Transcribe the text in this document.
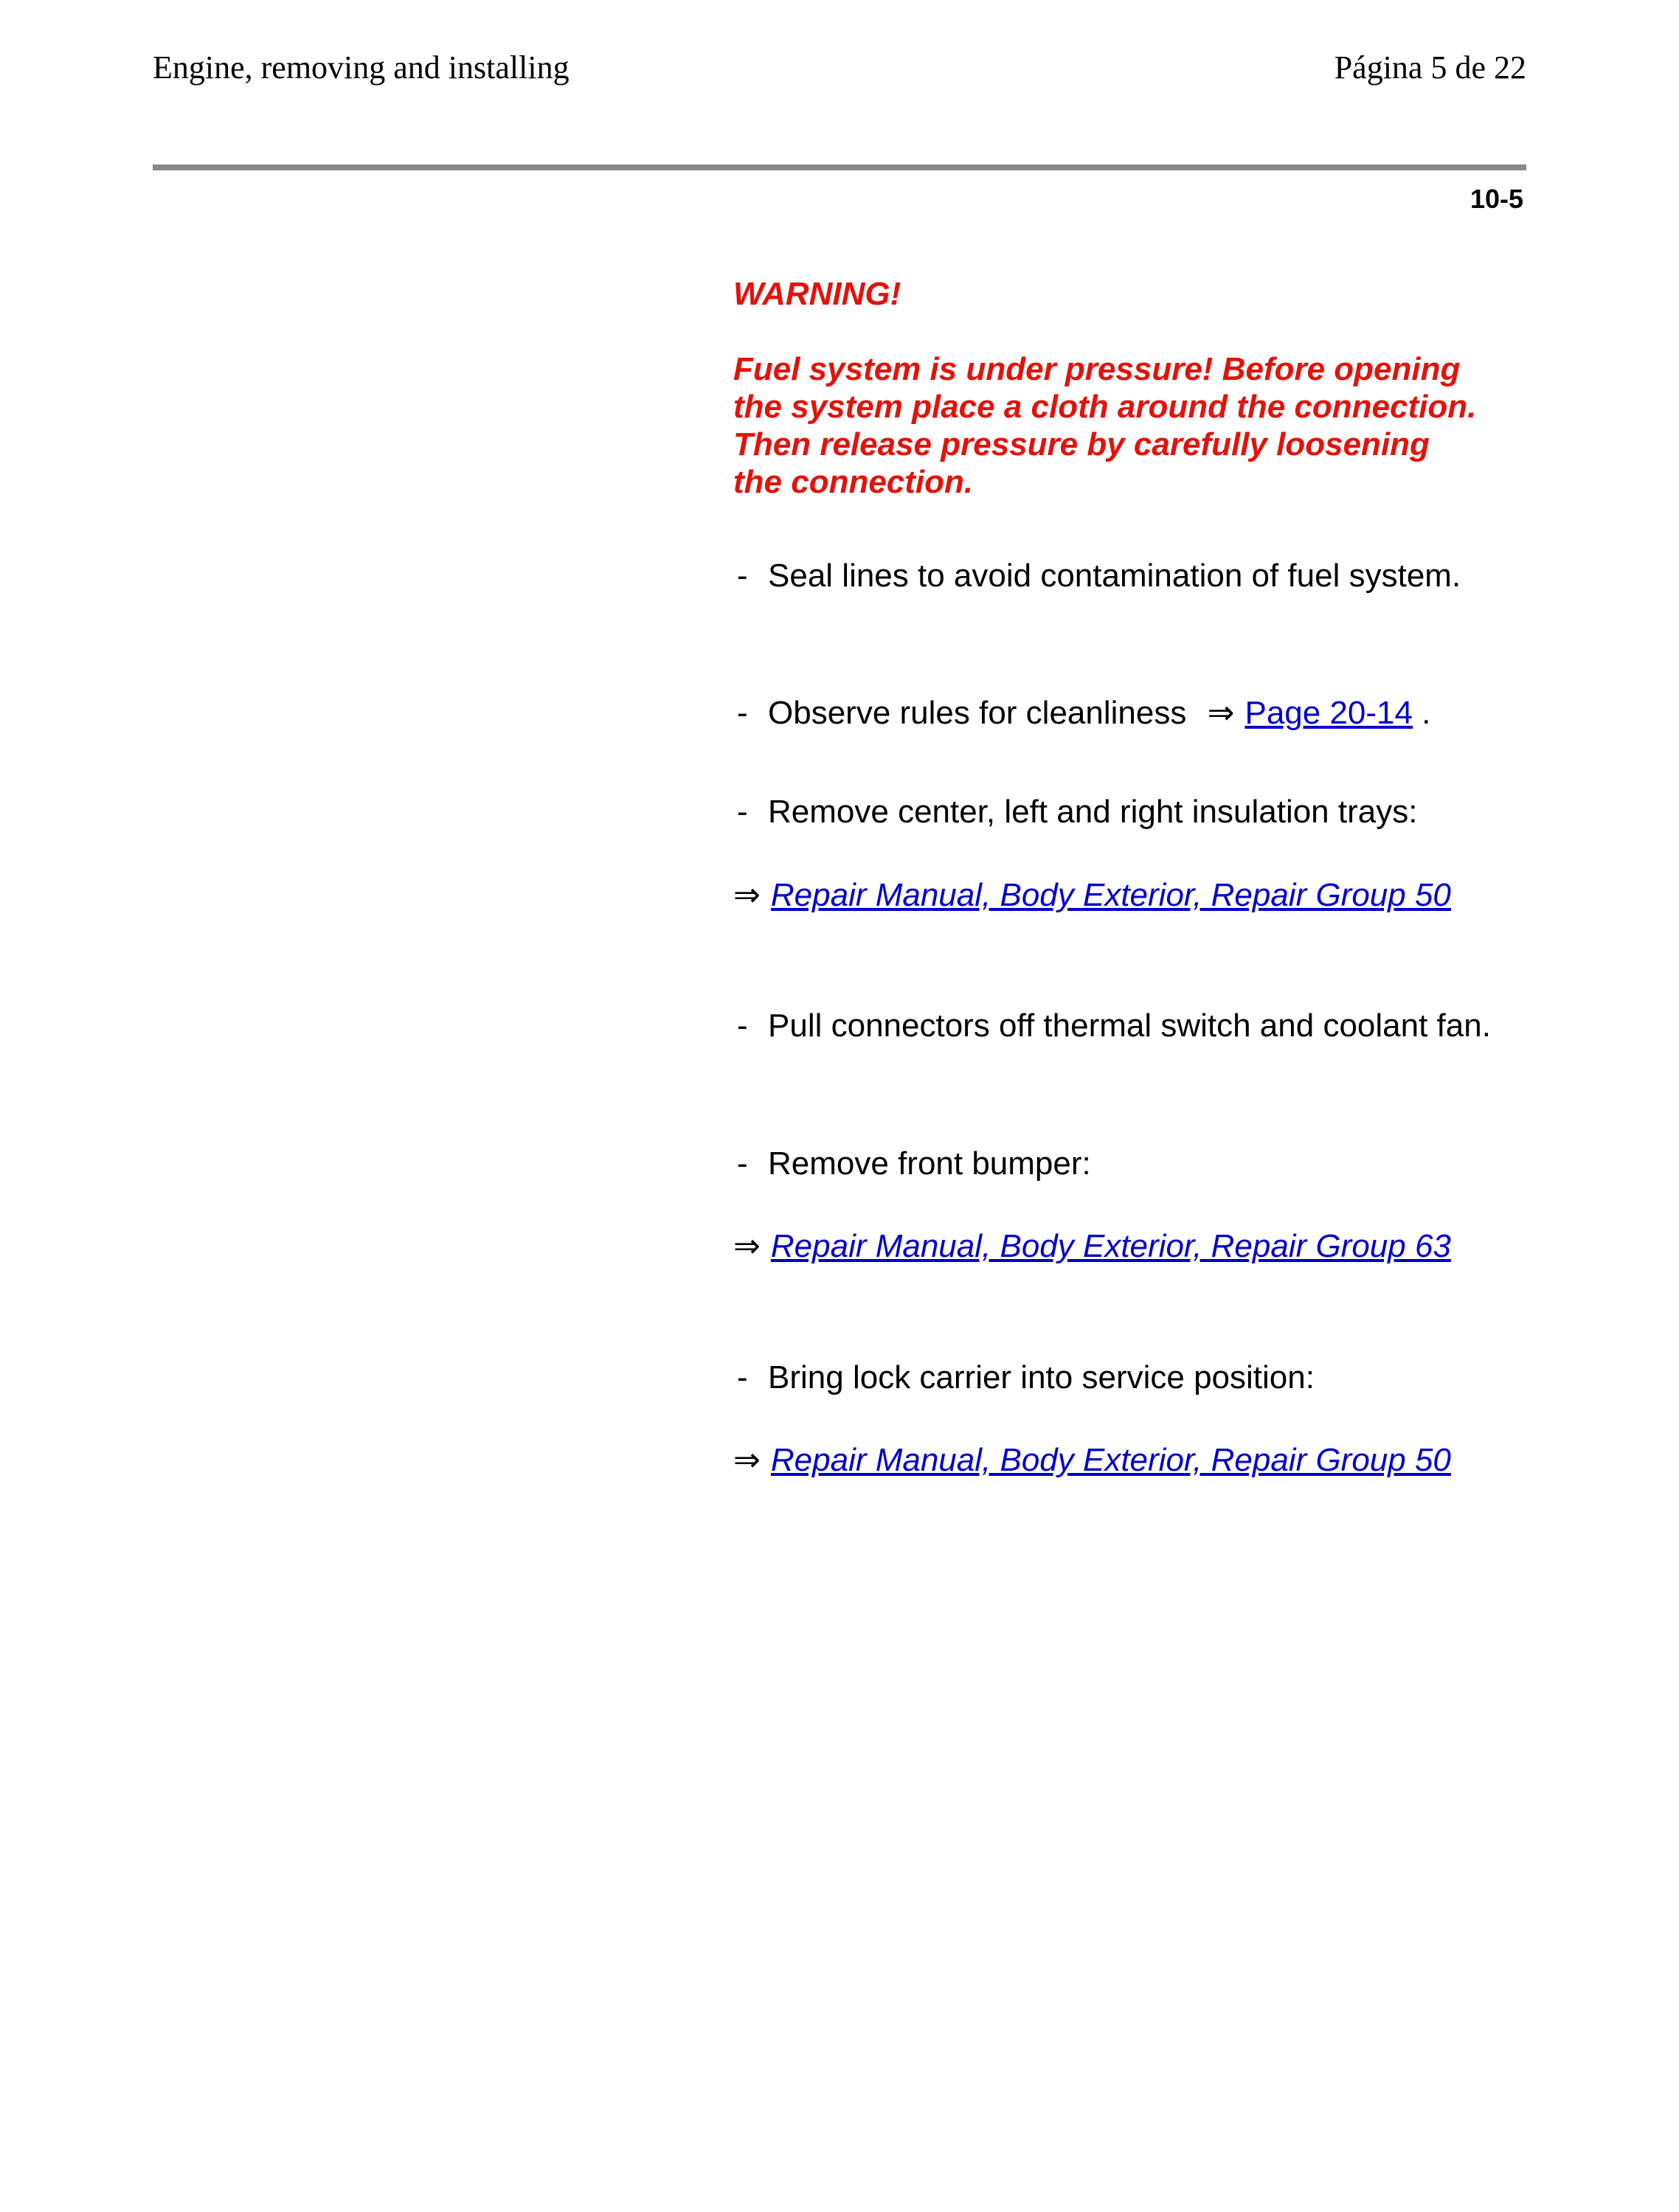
Engine, removing and installing	Página 5 de 22
10-5
WARNING!
Fuel system is under pressure! Before opening the system place a cloth around the connection. Then release pressure by carefully loosening the connection.
- Seal lines to avoid contamination of fuel system.
- Observe rules for cleanliness ⇒ Page 20-14 .
- Remove center, left and right insulation trays:
⇒ Repair Manual, Body Exterior, Repair Group 50
- Pull connectors off thermal switch and coolant fan.
- Remove front bumper:
⇒ Repair Manual, Body Exterior, Repair Group 63
- Bring lock carrier into service position:
⇒ Repair Manual, Body Exterior, Repair Group 50
